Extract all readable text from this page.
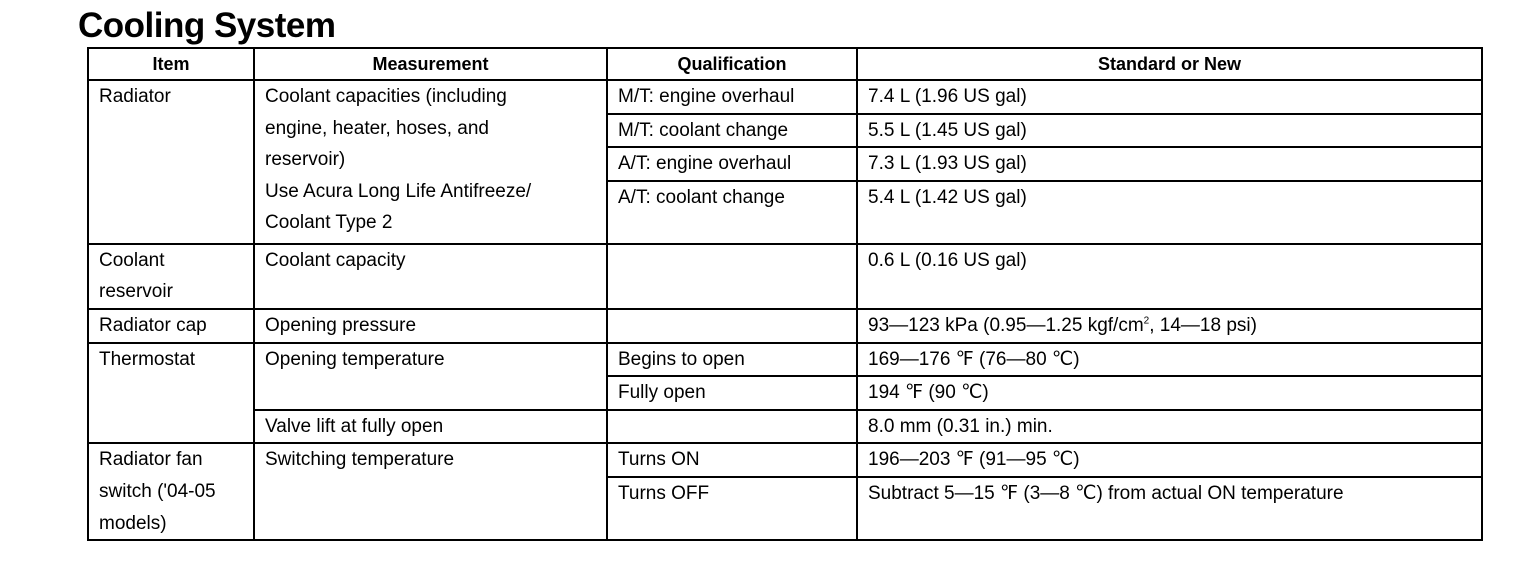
Cooling System
Item	Measurement	Qualification	Standard or New
Radiator	Coolant capacities (including
engine, heater, hoses, and
reservoir)
Use Acura Long Life Antifreeze/
Coolant Type 2	M/T: engine overhaul	7.4 L (1.96 US gal)
		M/T: coolant change	5.5 L (1.45 US gal)
		A/T: engine overhaul	7.3 L (1.93 US gal)
		A/T: coolant change	5.4 L (1.42 US gal)

Coolant
reservoir	Coolant capacity		0.6 L (0.16 US gal)
Radiator cap	Opening pressure		93—123 kPa (0.95—1.25 kgf/$cm^2$, 14—18 psi)
Thermostat	Opening temperature	Begins to open	169—176 ℉ (76—80 ℃)
		Fully open	194 ℉ (90 ℃)
	Valve lift at fully open		8.0 mm (0.31 in.) min.

Radiator fan
switch ('04-05
models)	Switching temperature	Turns ON	196—203 ℉ (91—95 ℃)
		Turns OFF	Subtract 5—15 ℉ (3—8 ℃) from actual ON temperature
